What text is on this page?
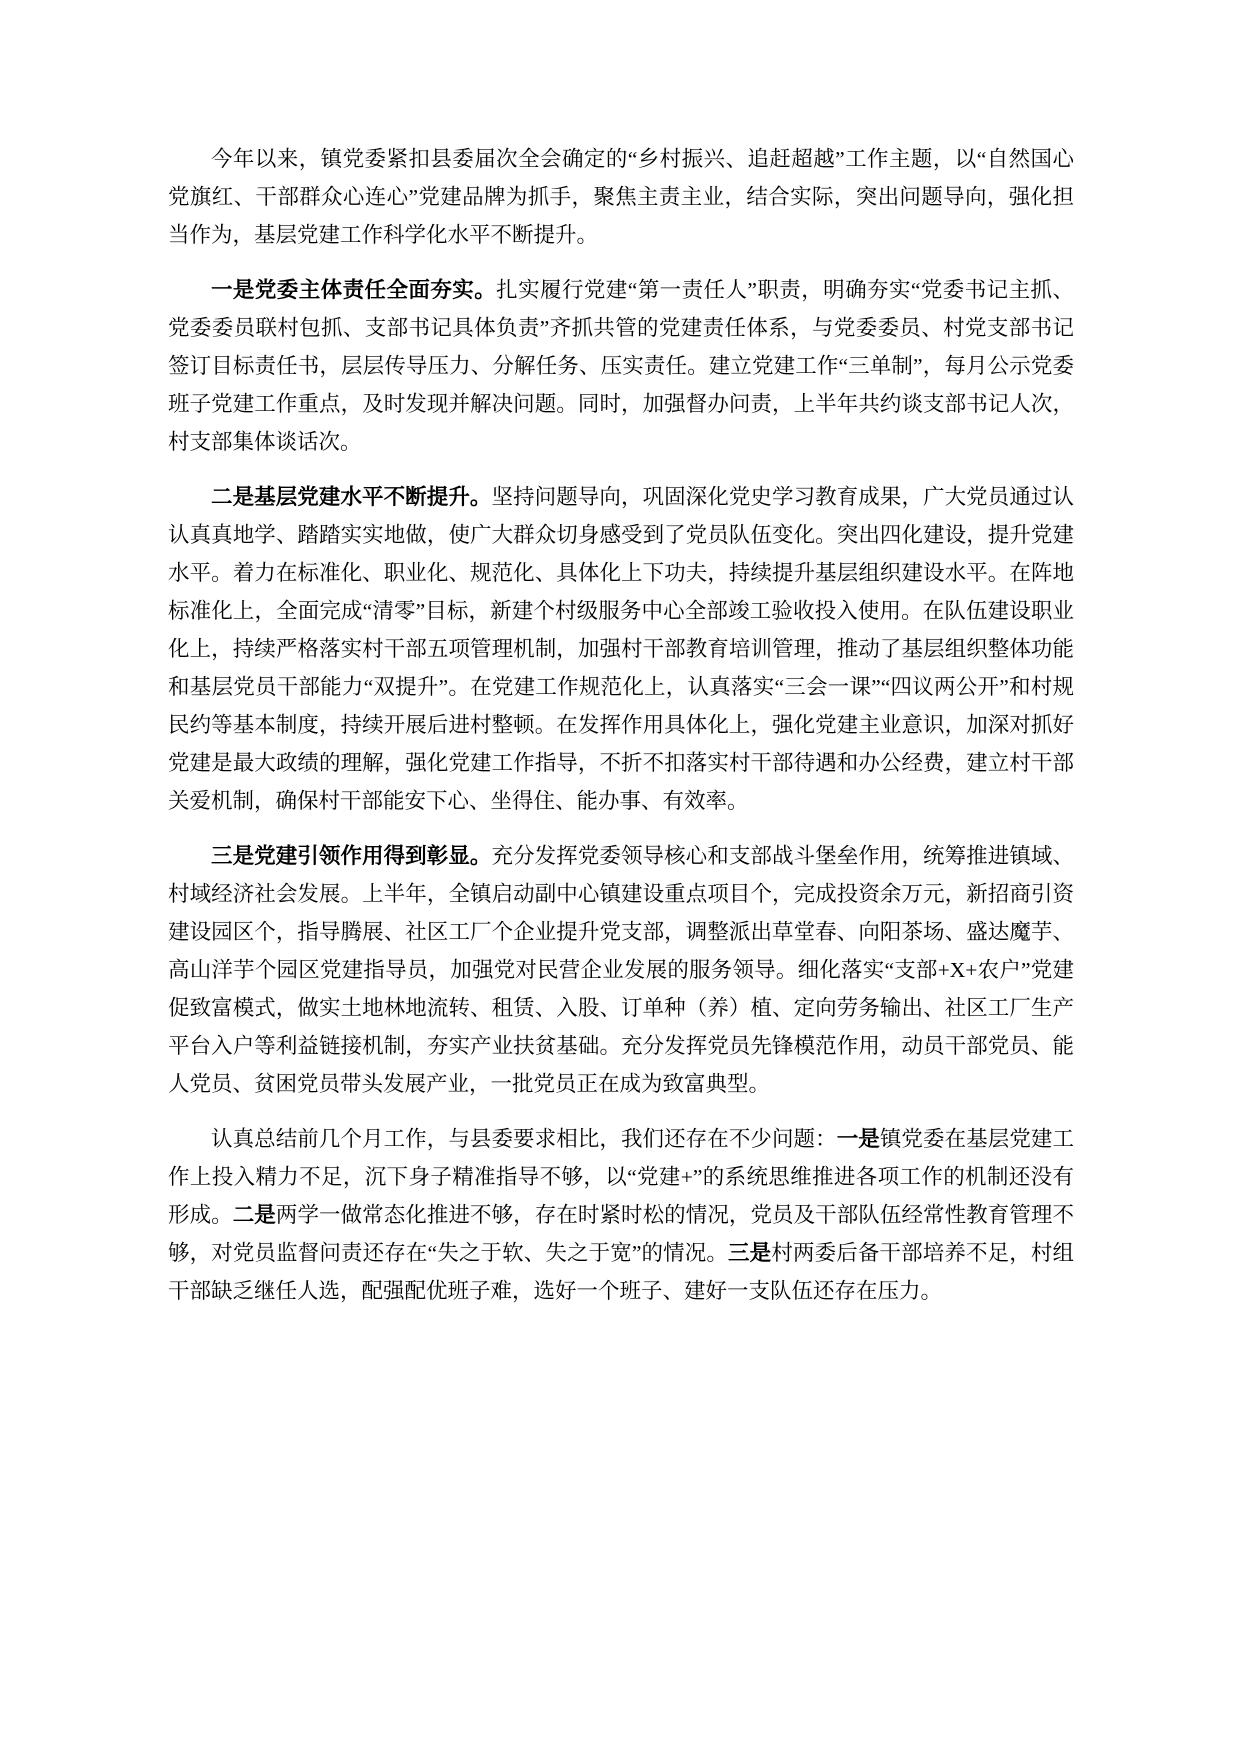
今年以来，镇党委紧扣县委届次全会确定的“乡村振兴、追赶超越”工作主题，以“自然国心党旗红、干部群众心连心”党建品牌为抓手，聚焦主责主业，结合实际，突出问题导向，强化担当作为，基层党建工作科学化水平不断提升。

一是党委主体责任全面夯实。扎实履行党建“第一责任人”职责，明确夯实“党委书记主抓、党委委员联村包抓、支部书记具体负责”齐抓共管的党建责任体系，与党委委员、村党支部书记签订目标责任书，层层传导压力、分解任务、压实责任。建立党建工作“三单制”，每月公示党委班子党建工作重点，及时发现并解决问题。同时，加强督办问责，上半年共约谈支部书记人次，村支部集体谈话次。

二是基层党建水平不断提升。坚持问题导向，巩固深化党史学习教育成果，广大党员通过认认真真地学、踏踏实实地做，使广大群众切身感受到了党员队伍变化。突出四化建设，提升党建水平。着力在标准化、职业化、规范化、具体化上下功夫，持续提升基层组织建设水平。在阵地标准化上，全面完成“清零”目标，新建个村级服务中心全部竣工验收投入使用。在队伍建设职业化上，持续严格落实村干部五项管理机制，加强村干部教育培训管理，推动了基层组织整体功能和基层党员干部能力“双提升”。在党建工作规范化上，认真落实“三会一课”“四议两公开”和村规民约等基本制度，持续开展后进村整顿。在发挥作用具体化上，强化党建主业意识，加深对抓好党建是最大政绩的理解，强化党建工作指导，不折不扣落实村干部待遇和办公经费，建立村干部关爱机制，确保村干部能安下心、坐得住、能办事、有效率。

三是党建引领作用得到彰显。充分发挥党委领导核心和支部战斗堡垒作用，统筹推进镇域、村域经济社会发展。上半年，全镇启动副中心镇建设重点项目个，完成投资余万元，新招商引资建设园区个，指导腾展、社区工厂个企业提升党支部，调整派出草堂春、向阳茶场、盛达魔芋、高山洋芋个园区党建指导员，加强党对民营企业发展的服务领导。细化落实“支部+X+农户”党建促致富模式，做实土地林地流转、租赁、入股、订单种（养）植、定向劳务输出、社区工厂生产平台入户等利益链接机制，夯实产业扶贫基础。充分发挥党员先锋模范作用，动员干部党员、能人党员、贫困党员带头发展产业，一批党员正在成为致富典型。

认真总结前几个月工作，与县委要求相比，我们还存在不少问题：一是镇党委在基层党建工作上投入精力不足，沉下身子精准指导不够，以“党建+”的系统思维推进各项工作的机制还没有形成。二是两学一做常态化推进不够，存在时紧时松的情况，党员及干部队伍经常性教育管理不够，对党员监督问责还存在“失之于软、失之于宽”的情况。三是村两委后备干部培养不足，村组干部缺乏继任人选，配强配优班子难，选好一个班子、建好一支队伍还存在压力。
